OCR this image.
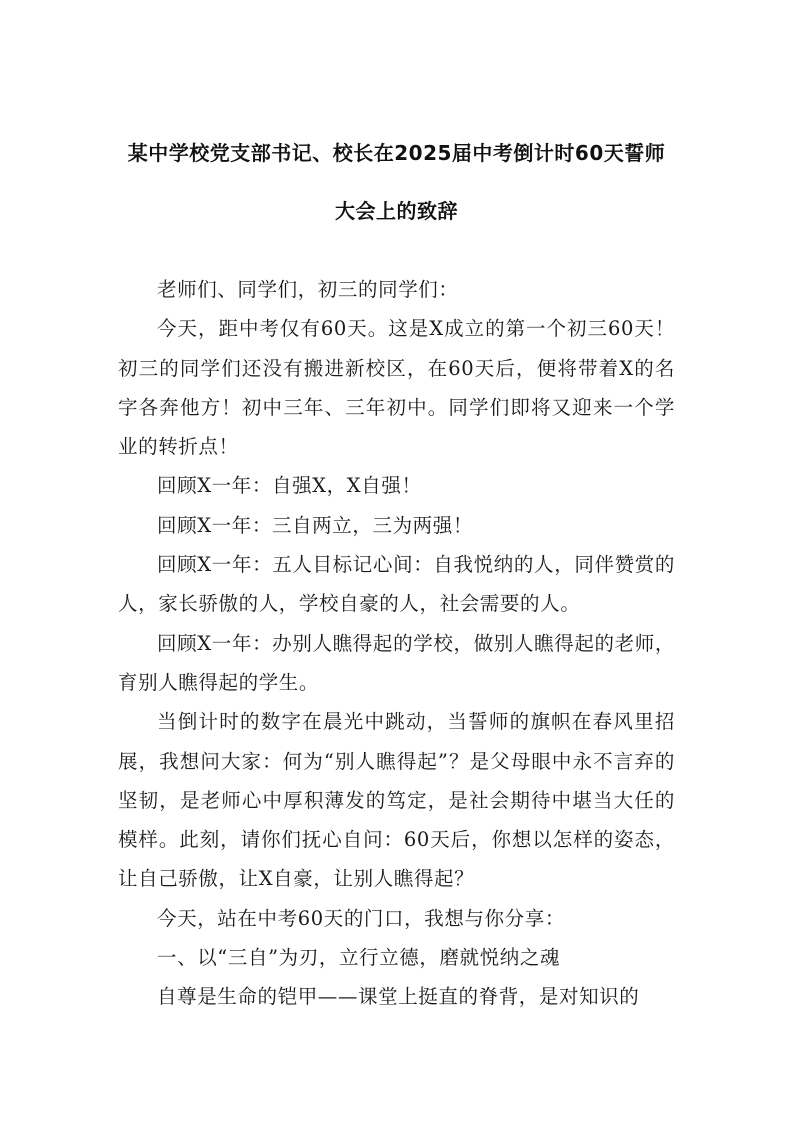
某中学校党支部书记、校长在2025届中考倒计时60天誓师
大会上的致辞

老师们、同学们，初三的同学们：

今天，距中考仅有60天。这是X成立的第一个初三60天！初三的同学们还没有搬进新校区，在60天后，便将带着X的名字各奔他方！初中三年、三年初中。同学们即将又迎来一个学业的转折点！

回顾X一年：自强X，X自强！

回顾X一年：三自两立，三为两强！

回顾X一年：五人目标记心间：自我悦纳的人，同伴赞赏的人，家长骄傲的人，学校自豪的人，社会需要的人。

回顾X一年：办别人瞧得起的学校，做别人瞧得起的老师，育别人瞧得起的学生。

当倒计时的数字在晨光中跳动，当誓师的旗帜在春风里招展，我想问大家：何为“别人瞧得起”？是父母眼中永不言弃的坚韧，是老师心中厚积薄发的笃定，是社会期待中堪当大任的模样。此刻，请你们抚心自问：60天后，你想以怎样的姿态，让自己骄傲，让X自豪，让别人瞧得起？

今天，站在中考60天的门口，我想与你分享：

一、以“三自”为刃，立行立德，磨就悦纳之魂

自尊是生命的铠甲——课堂上挺直的脊背，是对知识的
